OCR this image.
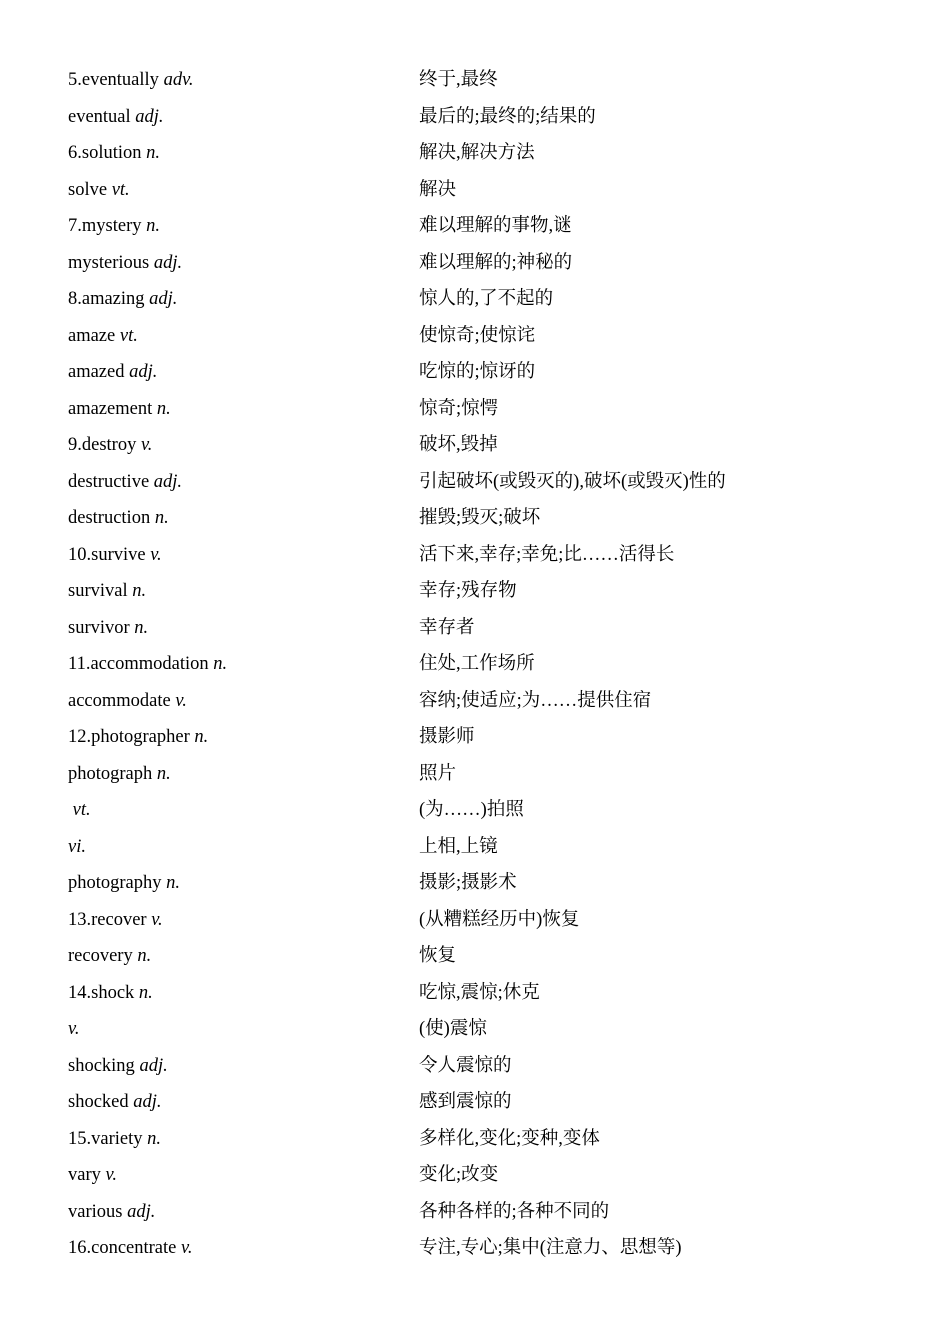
5.eventually adv.	终于,最终
eventual adj.	最后的;最终的;结果的
6.solution n.	解决,解决方法
solve vt.	解决
7.mystery n.	难以理解的事物,谜
mysterious adj.	难以理解的;神秘的
8.amazing adj.	惊人的,了不起的
amaze vt.	使惊奇;使惊诧
amazed adj.	吃惊的;惊讶的
amazement n.	惊奇;惊愕
9.destroy v.	破坏,毁掉
destructive adj.	引起破坏(或毁灭的),破坏(或毁灭)性的
destruction n.	摧毁;毁灭;破坏
10.survive v.	活下来,幸存;幸免;比……活得长
survival n.	幸存;残存物
survivor n.	幸存者
11.accommodation n.	住处,工作场所
accommodate v.	容纳;使适应;为……提供住宿
12.photographer n.	摄影师
photograph n.	照片
vt.	(为……)拍照
vi.	上相,上镜
photography n.	摄影;摄影术
13.recover v.	(从糟糕经历中)恢复
recovery n.	恢复
14.shock n.	吃惊,震惊;休克
v.	(使)震惊
shocking adj.	令人震惊的
shocked adj.	感到震惊的
15.variety n.	多样化,变化;变种,变体
vary v.	变化;改变
various adj.	各种各样的;各种不同的
16.concentrate v.	专注,专心;集中(注意力、思想等)
